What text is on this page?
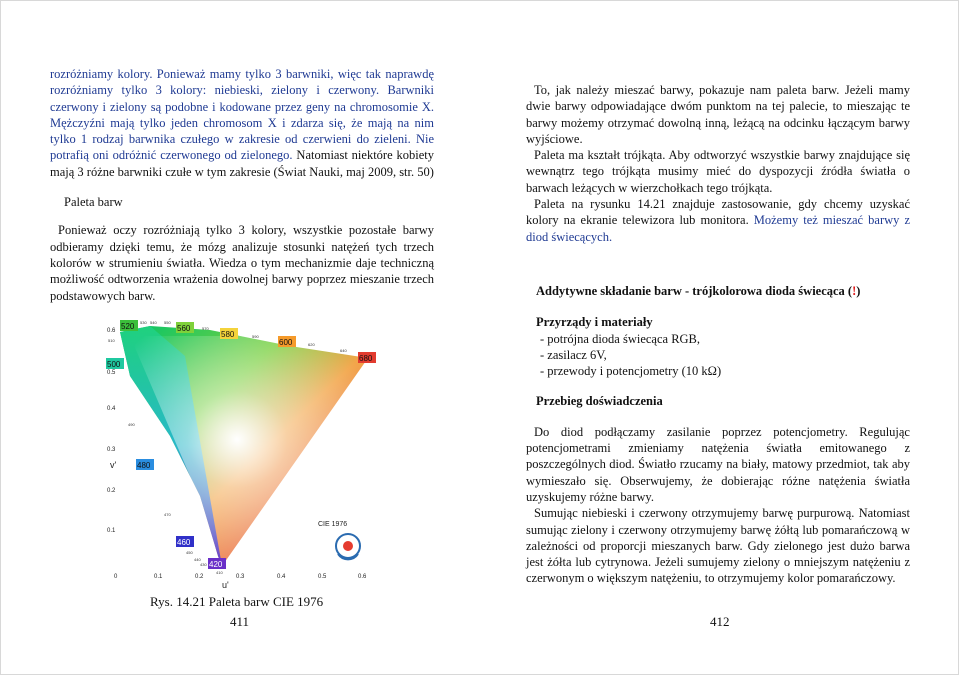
rozróżniamy kolory. Ponieważ mamy tylko 3 barwniki, więc tak naprawdę rozróżniamy tylko 3 kolory: niebieski, zielony i czerwony. Barwniki czerwony i zielony są podobne i kodowane przez geny na chromosomie X. Mężczyźni mają tylko jeden chromosom X i zdarza się, że mają na nim tylko 1 rodzaj barwnika czułego w zakresie od czerwieni do zieleni. Nie potrafią oni odróżnić czerwonego od zielonego. Natomiast niektóre kobiety mają 3 różne barwniki czułe w tym zakresie (Świat Nauki, maj 2009, str. 50)

Paleta barw

Ponieważ oczy rozróżniają tylko 3 kolory, wszystkie pozostałe barwy odbieramy dzięki temu, że mózg analizuje stosunki natężeń tych trzech kolorów w strumieniu światła. Wiedza o tym mechanizmie daje techniczną możliwość odtworzenia wrażenia dowolnej barwy poprzez mieszanie trzech podstawowych barw.

0.6
0.5
0.4
0.3
0.2
0.1
0	0.1	0.2	0.3	0.4	0.5	0.6
v'
u'
520	560
580
600
680
500
480
460
420
530 540 550
570
590
620
640
510
490
470
450
440
430
410
CIE 1976
Rys. 14.21 Paleta barw CIE 1976
411

To, jak należy mieszać barwy, pokazuje nam paleta barw. Jeżeli mamy dwie barwy odpowiadające dwóm punktom na tej palecie, to mieszając te barwy możemy otrzymać dowolną inną, leżącą na odcinku łączącym barwy wyjściowe.

Paleta ma kształt trójkąta. Aby odtworzyć wszystkie barwy znajdujące się wewnątrz tego trójkąta musimy mieć do dyspozycji źródła światła o barwach leżących w wierzchołkach tego trójkąta.

Paleta na rysunku 14.21 znajduje zastosowanie, gdy chcemy uzyskać kolory na ekranie telewizora lub monitora. Możemy też mieszać barwy z diod świecących.

Addytywne składanie barw - trójkolorowa dioda świecąca (!)

Przyrządy i materiały

- potrójna dioda świecąca RGB,

- zasilacz 6V,

- przewody i potencjometry (10 kΩ)

Przebieg doświadczenia

Do diod podłączamy zasilanie poprzez potencjometry. Regulując potencjometrami zmieniamy natężenia światła emitowanego z poszczególnych diod. Światło rzucamy na biały, matowy przedmiot, tak aby wymieszało się. Obserwujemy, że dobierając różne natężenia światła uzyskujemy różne barwy.

Sumując niebieski i czerwony otrzymujemy barwę purpurową. Natomiast sumując zielony i czerwony otrzymujemy barwę żółtą lub pomarańczową w zależności od proporcji mieszanych barw. Gdy zielonego jest dużo barwa jest żółta lub cytrynowa. Jeżeli sumujemy zielony o mniejszym natężeniu z czerwonym o większym natężeniu, to otrzymujemy kolor pomarańczowy.

412
